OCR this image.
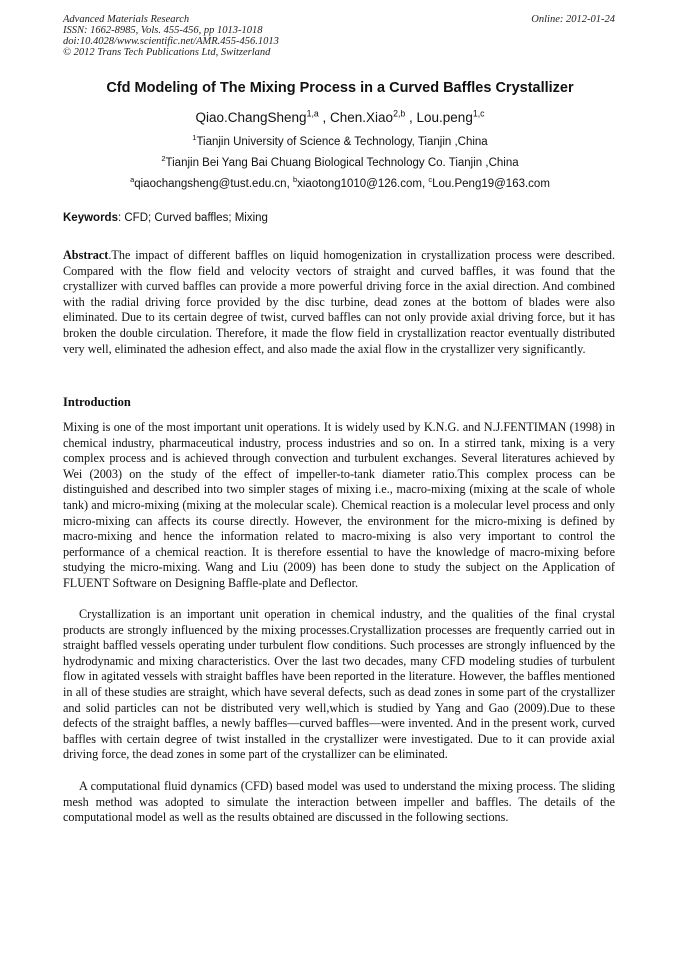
Advanced Materials Research
ISSN: 1662-8985, Vols. 455-456, pp 1013-1018
doi:10.4028/www.scientific.net/AMR.455-456.1013
© 2012 Trans Tech Publications Ltd, Switzerland
Online: 2012-01-24
Cfd Modeling of The Mixing Process in a Curved Baffles Crystallizer
Qiao.ChangSheng$^{1,a}$ , Chen.Xiao$^{2,b}$ , Lou.peng$^{1,c}$
$^1$Tianjin University of Science & Technology, Tianjin ,China
$^2$Tianjin Bei Yang Bai Chuang Biological Technology Co. Tianjin ,China
$^a$qiaochangsheng@tust.edu.cn, $^b$xiaotong1010@126.com, $^c$Lou.Peng19@163.com
Keywords: CFD; Curved baffles; Mixing
Abstract.The impact of different baffles on liquid homogenization in crystallization process were described. Compared with the flow field and velocity vectors of straight and curved baffles, it was found that the crystallizer with curved baffles can provide a more powerful driving force in the axial direction. And combined with the radial driving force provided by the disc turbine, dead zones at the bottom of blades were also eliminated. Due to its certain degree of twist, curved baffles can not only provide axial driving force, but it has broken the double circulation. Therefore, it made the flow field in crystallization reactor eventually distributed very well, eliminated the adhesion effect, and also made the axial flow in the crystallizer very significantly.
Introduction
Mixing is one of the most important unit operations. It is widely used by K.N.G. and N.J.FENTIMAN (1998) in chemical industry, pharmaceutical industry, process industries and so on. In a stirred tank, mixing is a very complex process and is achieved through convection and turbulent exchanges. Several literatures achieved by Wei (2003) on the study of the effect of impeller-to-tank diameter ratio.This complex process can be distinguished and described into two simpler stages of mixing i.e., macro-mixing (mixing at the scale of whole tank) and micro-mixing (mixing at the molecular scale). Chemical reaction is a molecular level process and only micro-mixing can affects its course directly. However, the environment for the micro-mixing is defined by macro-mixing and hence the information related to macro-mixing is also very important to control the performance of a chemical reaction. It is therefore essential to have the knowledge of macro-mixing before studying the micro-mixing. Wang and Liu (2009) has been done to study the subject on the Application of FLUENT Software on Designing Baffle-plate and Deflector.
Crystallization is an important unit operation in chemical industry, and the qualities of the final crystal products are strongly influenced by the mixing processes.Crystallization processes are frequently carried out in straight baffled vessels operating under turbulent flow conditions. Such processes are strongly influenced by the hydrodynamic and mixing characteristics. Over the last two decades, many CFD modeling studies of turbulent flow in agitated vessels with straight baffles have been reported in the literature. However, the baffles mentioned in all of these studies are straight, which have several defects, such as dead zones in some part of the crystallizer and solid particles can not be distributed very well,which is studied by Yang and Gao (2009).Due to these defects of the straight baffles, a newly baffles—curved baffles—were invented. And in the present work, curved baffles with certain degree of twist installed in the crystallizer were investigated. Due to it can provide axial driving force, the dead zones in some part of the crystallizer can be eliminated.
A computational fluid dynamics (CFD) based model was used to understand the mixing process. The sliding mesh method was adopted to simulate the interaction between impeller and baffles. The details of the computational model as well as the results obtained are discussed in the following sections.
